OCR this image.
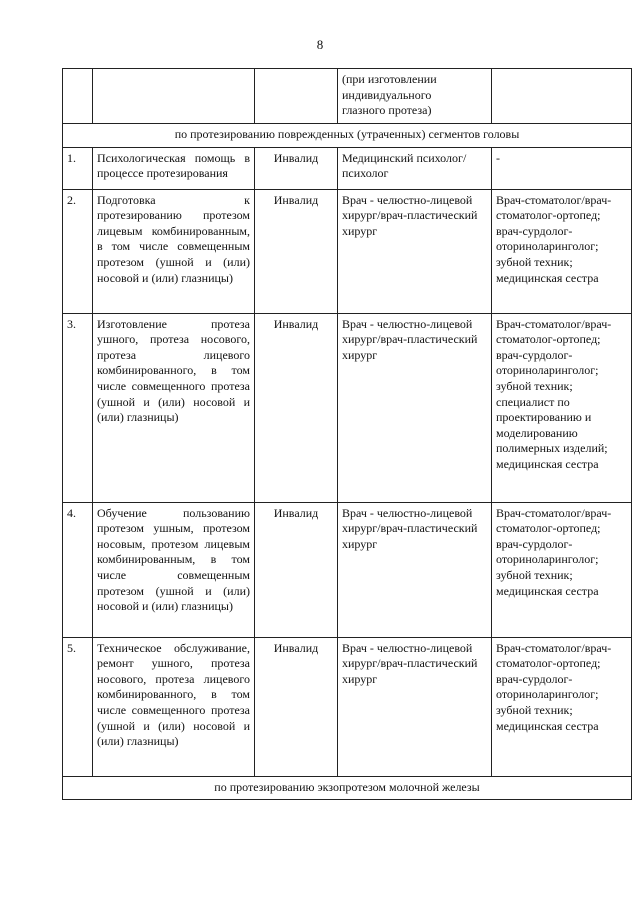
8

			(при изготовлении
индивидуального
глазного протеза)	

по протезированию поврежденных (утраченных) сегментов головы				
1.	Психологическая помощь в процессе протезирования	Инвалид	Медицинский психолог/психолог	-
2.	Подготовка к протезированию протезом лицевым комбинированным, в том числе совмещенным протезом (ушной и (или) носовой и (или) глазницы)	Инвалид	Врач - челюстно-лицевой хирург/врач-пластический хирург	Врач-стоматолог/врач-стоматолог-ортопед; врач-сурдолог-оториноларинголог; зубной техник; медицинская сестра
3.	Изготовление протеза ушного, протеза носового, протеза лицевого комбинированного, в том числе совмещенного протеза (ушной и (или) носовой и (или) глазницы)	Инвалид	Врач - челюстно-лицевой хирург/врач-пластический хирург	Врач-стоматолог/врач-стоматолог-ортопед; врач-сурдолог-оториноларинголог; зубной техник; специалист по проектированию и моделированию полимерных изделий; медицинская сестра
4.	Обучение пользованию протезом ушным, протезом носовым, протезом лицевым комбинированным, в том числе совмещенным протезом (ушной и (или) носовой и (или) глазницы)	Инвалид	Врач - челюстно-лицевой хирург/врач-пластический хирург	Врач-стоматолог/врач-стоматолог-ортопед; врач-сурдолог-оториноларинголог; зубной техник; медицинская сестра
5.	Техническое обслуживание, ремонт ушного, протеза носового, протеза лицевого комбинированного, в том числе совмещенного протеза (ушной и (или) носовой и (или) глазницы)	Инвалид	Врач - челюстно-лицевой хирург/врач-пластический хирург	Врач-стоматолог/врач-стоматолог-ортопед; врач-сурдолог-оториноларинголог; зубной техник; медицинская сестра
по протезированию экзопротезом молочной железы				
